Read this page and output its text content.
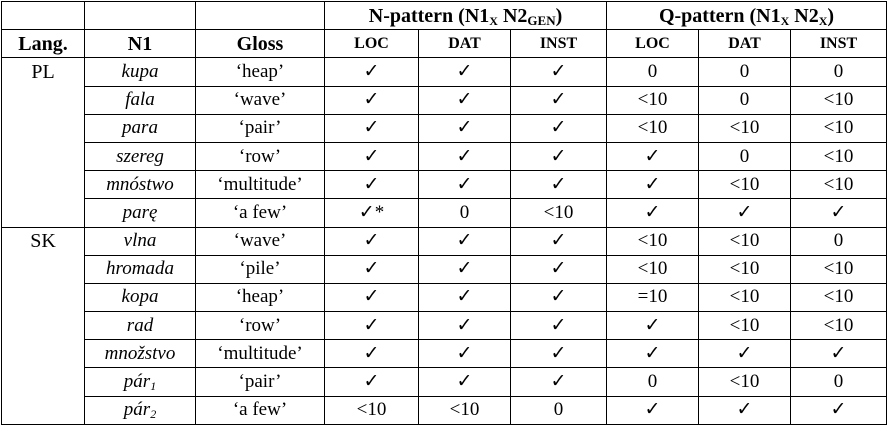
			N-pattern ($N1_X$ $N2_{GEN}$)			Q-pattern ($N1_X$ $N2_X$)		
Lang.	N1	Gloss	LOC	DAT	INST	LOC	DAT	INST
PL	kupa	‘heap’	✓	✓	✓	0	0	0
	fala	‘wave’	✓	✓	✓	<10	0	<10
	para	‘pair’	✓	✓	✓	<10	<10	<10
	szereg	‘row’	✓	✓	✓	✓	0	<10
	mnóstwo	‘multitude’	✓	✓	✓	✓	<10	<10
	parę	‘a few’	✓*	0	<10	✓	✓	✓
SK	vlna	‘wave’	✓	✓	✓	<10	<10	0
	hromada	‘pile’	✓	✓	✓	<10	<10	<10
	kopa	‘heap’	✓	✓	✓	=10	<10	<10
	rad	‘row’	✓	✓	✓	✓	<10	<10
	množstvo	‘multitude’	✓	✓	✓	✓	✓	✓
	pár$_1$	‘pair’	✓	✓	✓	0	<10	0
	pár$_2$	‘a few’	<10	<10	0	✓	✓	✓
